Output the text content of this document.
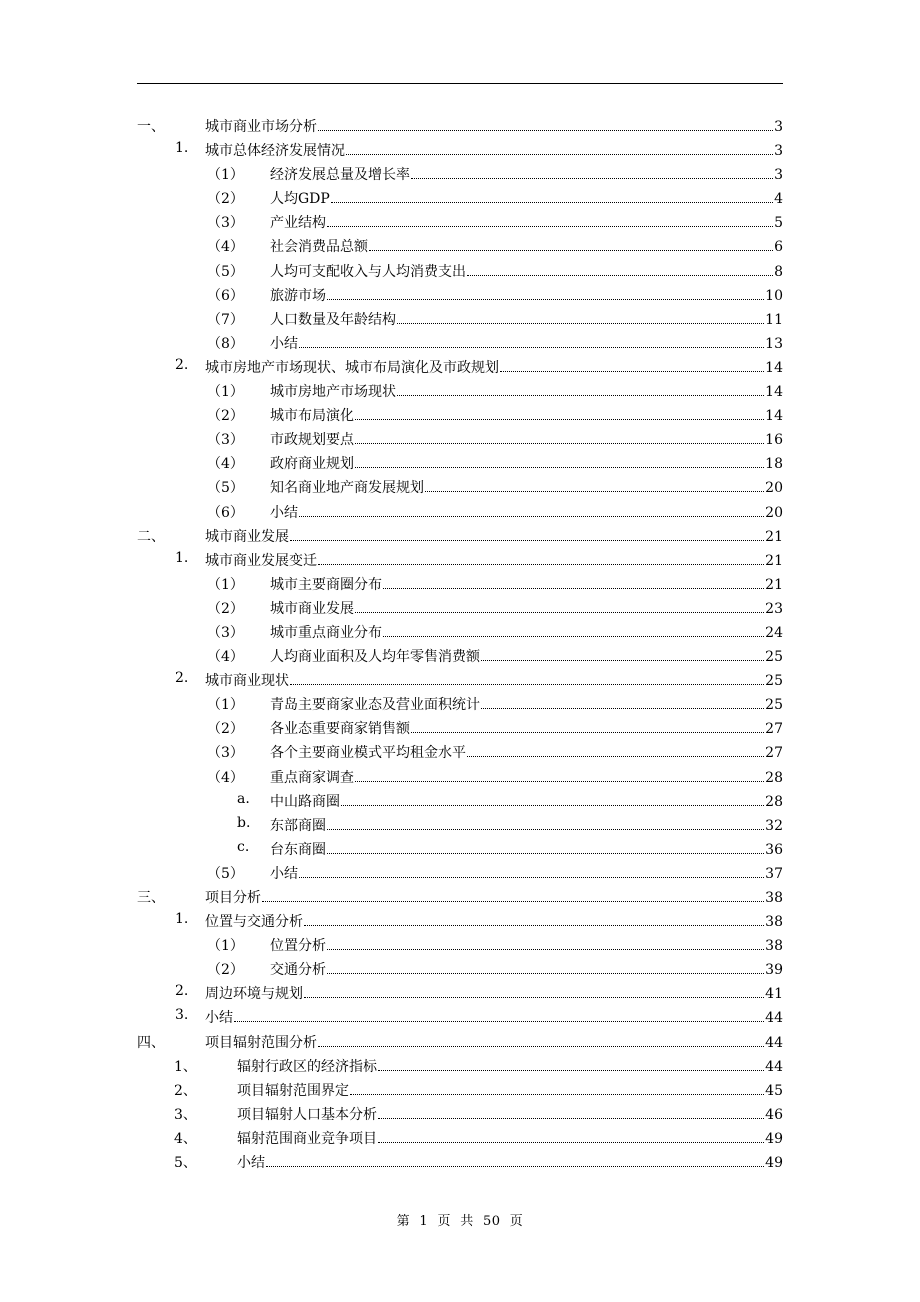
一、	城市商业市场分析	3
1. 城市总体经济发展情况	3
（1） 经济发展总量及增长率	3
（2） 人均GDP	4
（3） 产业结构	5
（4） 社会消费品总额	6
（5） 人均可支配收入与人均消费支出	8
（6） 旅游市场	10
（7） 人口数量及年龄结构	11
（8） 小结	13
2. 城市房地产市场现状、城市布局演化及市政规划	14
（1） 城市房地产市场现状	14
（2） 城市布局演化	14
（3） 市政规划要点	16
（4） 政府商业规划	18
（5） 知名商业地产商发展规划	20
（6） 小结	20
二、	城市商业发展	21
1. 城市商业发展变迁	21
（1） 城市主要商圈分布	21
（2） 城市商业发展	23
（3） 城市重点商业分布	24
（4） 人均商业面积及人均年零售消费额	25
2. 城市商业现状	25
（1） 青岛主要商家业态及营业面积统计	25
（2） 各业态重要商家销售额	27
（3） 各个主要商业模式平均租金水平	27
（4） 重点商家调查	28
a. 中山路商圈	28
b. 东部商圈	32
c. 台东商圈	36
（5） 小结	37
三、	项目分析	38
1. 位置与交通分析	38
（1） 位置分析	38
（2） 交通分析	39
2. 周边环境与规划	41
3. 小结	44
四、	项目辐射范围分析	44
1、	辐射行政区的经济指标	44
2、	项目辐射范围界定	45
3、	项目辐射人口基本分析	46
4、	辐射范围商业竞争项目	49
5、	小结	49
第  1  页  共  50  页
